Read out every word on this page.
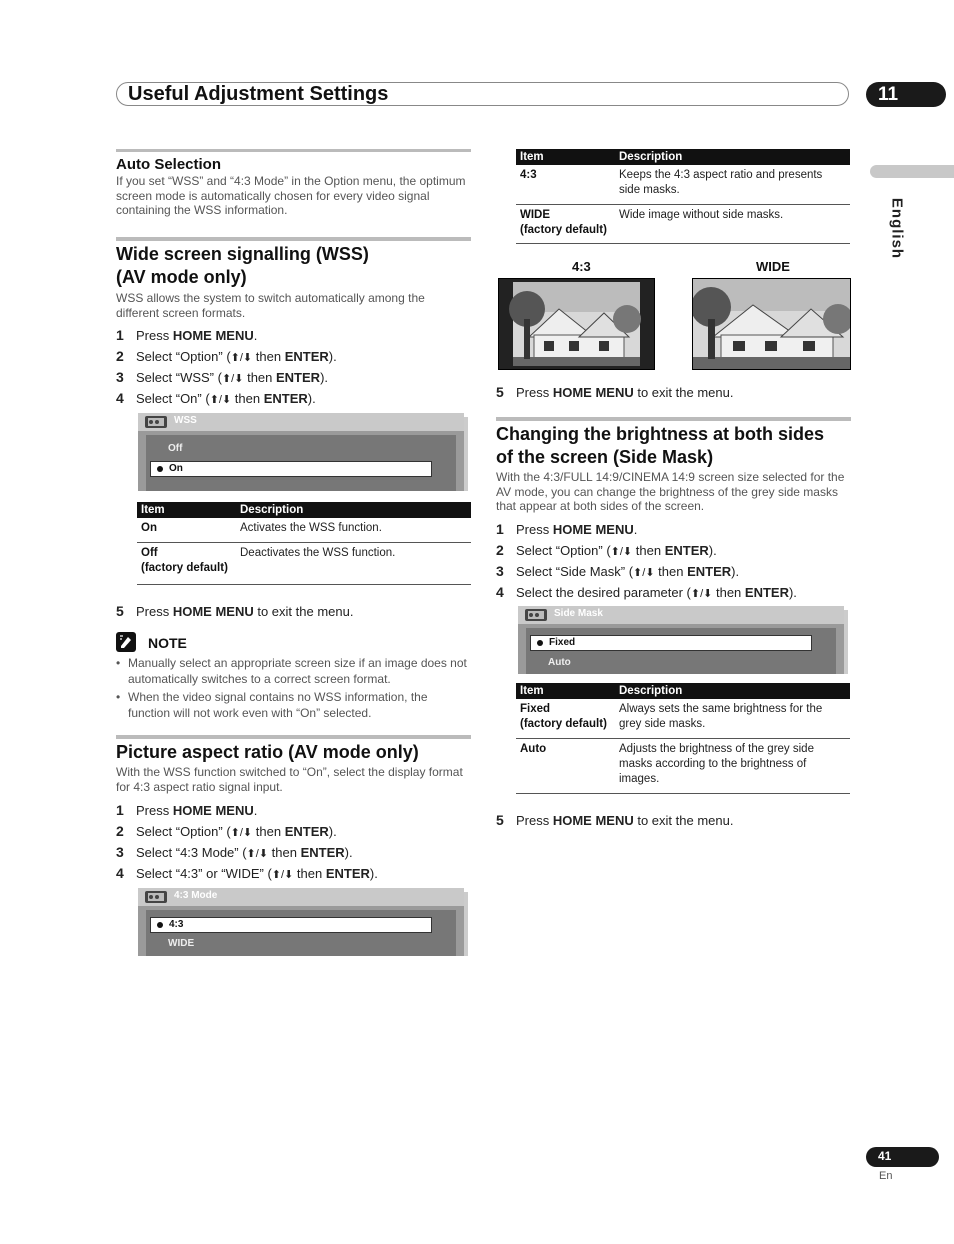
Useful Adjustment Settings	11
English
Auto Selection
If you set “WSS” and “4:3 Mode” in the Option menu, the optimum screen mode is automatically chosen for every video signal containing the WSS information.
Wide screen signalling (WSS)
(AV mode only)
WSS allows the system to switch automatically among the different screen formats.
1 Press HOME MENU.
2 Select “Option” (⬆/⬇ then ENTER).
3 Select “WSS” (⬆/⬇ then ENTER).
4 Select “On” (⬆/⬇ then ENTER).
WSS
Off
On
Item	Description

On	Activates the WSS function.

Off
(factory default)	Deactivates the WSS function.
5 Press HOME MENU to exit the menu.
NOTE
• Manually select an appropriate screen size if an image does not automatically switches to a correct screen format.
• When the video signal contains no WSS information, the function will not work even with “On” selected.
Picture aspect ratio (AV mode only)
With the WSS function switched to “On”, select the display format for 4:3 aspect ratio signal input.
1 Press HOME MENU.
2 Select “Option” (⬆/⬇ then ENTER).
3 Select “4:3 Mode” (⬆/⬇ then ENTER).
4 Select “4:3” or “WIDE” (⬆/⬇ then ENTER).
4:3 Mode
4:3
WIDE
Item	Description

4:3	Keeps the 4:3 aspect ratio and presents side masks.

WIDE
(factory default)	Wide image without side masks.
4:3	WIDE
5 Press HOME MENU to exit the menu.
Changing the brightness at both sides
of the screen (Side Mask)
With the 4:3/FULL 14:9/CINEMA 14:9 screen size selected for the AV mode, you can change the brightness of the grey side masks that appear at both sides of the screen.
1 Press HOME MENU.
2 Select “Option” (⬆/⬇ then ENTER).
3 Select “Side Mask” (⬆/⬇ then ENTER).
4 Select the desired parameter (⬆/⬇ then ENTER).
Side Mask
Fixed
Auto
Item	Description

Fixed
(factory default)	Always sets the same brightness for the grey side masks.

Auto	Adjusts the brightness of the grey side masks according to the brightness of images.
5 Press HOME MENU to exit the menu.
41
En
